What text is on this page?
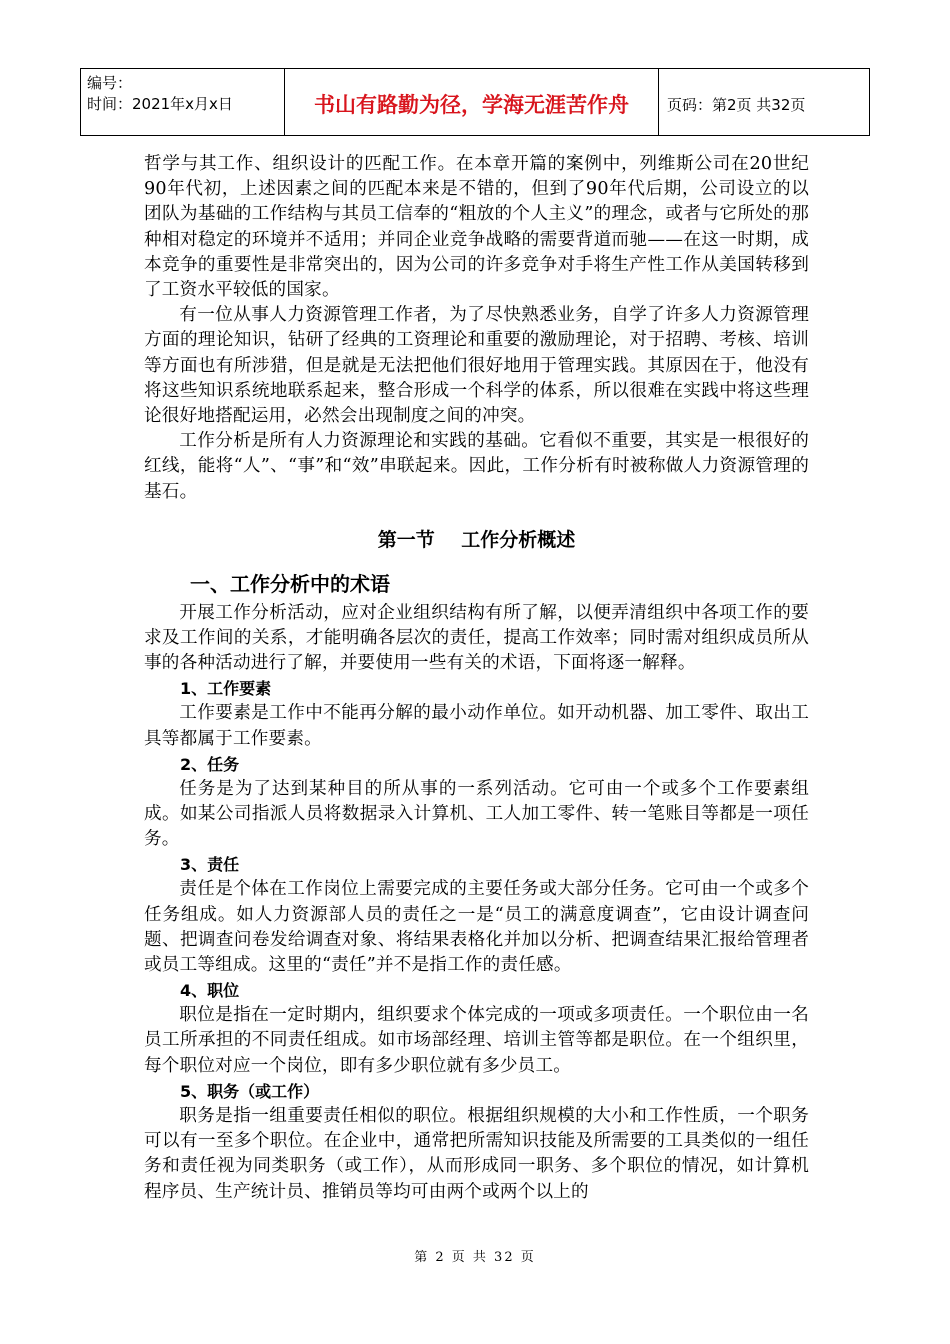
编号：
时间：2021年x月x日	书山有路勤为径，学海无涯苦作舟	页码：第2页 共32页

哲学与其工作、组织设计的匹配工作。在本章开篇的案例中，列维斯公司在20世纪90年代初，上述因素之间的匹配本来是不错的，但到了90年代后期，公司设立的以团队为基础的工作结构与其员工信奉的“粗放的个人主义”的理念，或者与它所处的那种相对稳定的环境并不适用；并同企业竞争战略的需要背道而驰——在这一时期，成本竞争的重要性是非常突出的，因为公司的许多竞争对手将生产性工作从美国转移到了工资水平较低的国家。

有一位从事人力资源管理工作者，为了尽快熟悉业务，自学了许多人力资源管理方面的理论知识，钻研了经典的工资理论和重要的激励理论，对于招聘、考核、培训等方面也有所涉猎，但是就是无法把他们很好地用于管理实践。其原因在于，他没有将这些知识系统地联系起来，整合形成一个科学的体系，所以很难在实践中将这些理论很好地搭配运用，必然会出现制度之间的冲突。

工作分析是所有人力资源理论和实践的基础。它看似不重要，其实是一根很好的红线，能将“人”、“事”和“效”串联起来。因此，工作分析有时被称做人力资源管理的基石。

第一节    工作分析概述
一、工作分析中的术语

开展工作分析活动，应对企业组织结构有所了解，以便弄清组织中各项工作的要求及工作间的关系，才能明确各层次的责任，提高工作效率；同时需对组织成员所从事的各种活动进行了解，并要使用一些有关的术语，下面将逐一解释。

1、工作要素

工作要素是工作中不能再分解的最小动作单位。如开动机器、加工零件、取出工具等都属于工作要素。

2、任务

任务是为了达到某种目的所从事的一系列活动。它可由一个或多个工作要素组成。如某公司指派人员将数据录入计算机、工人加工零件、转一笔账目等都是一项任务。

3、责任

责任是个体在工作岗位上需要完成的主要任务或大部分任务。它可由一个或多个任务组成。如人力资源部人员的责任之一是“员工的满意度调查”，它由设计调查问题、把调查问卷发给调查对象、将结果表格化并加以分析、把调查结果汇报给管理者或员工等组成。这里的“责任”并不是指工作的责任感。

4、职位

职位是指在一定时期内，组织要求个体完成的一项或多项责任。一个职位由一名员工所承担的不同责任组成。如市场部经理、培训主管等都是职位。在一个组织里，每个职位对应一个岗位，即有多少职位就有多少员工。

5、职务（或工作）

职务是指一组重要责任相似的职位。根据组织规模的大小和工作性质，一个职务可以有一至多个职位。在企业中，通常把所需知识技能及所需要的工具类似的一组任务和责任视为同类职务（或工作），从而形成同一职务、多个职位的情况，如计算机程序员、生产统计员、推销员等均可由两个或两个以上的

第 2 页 共 32 页
